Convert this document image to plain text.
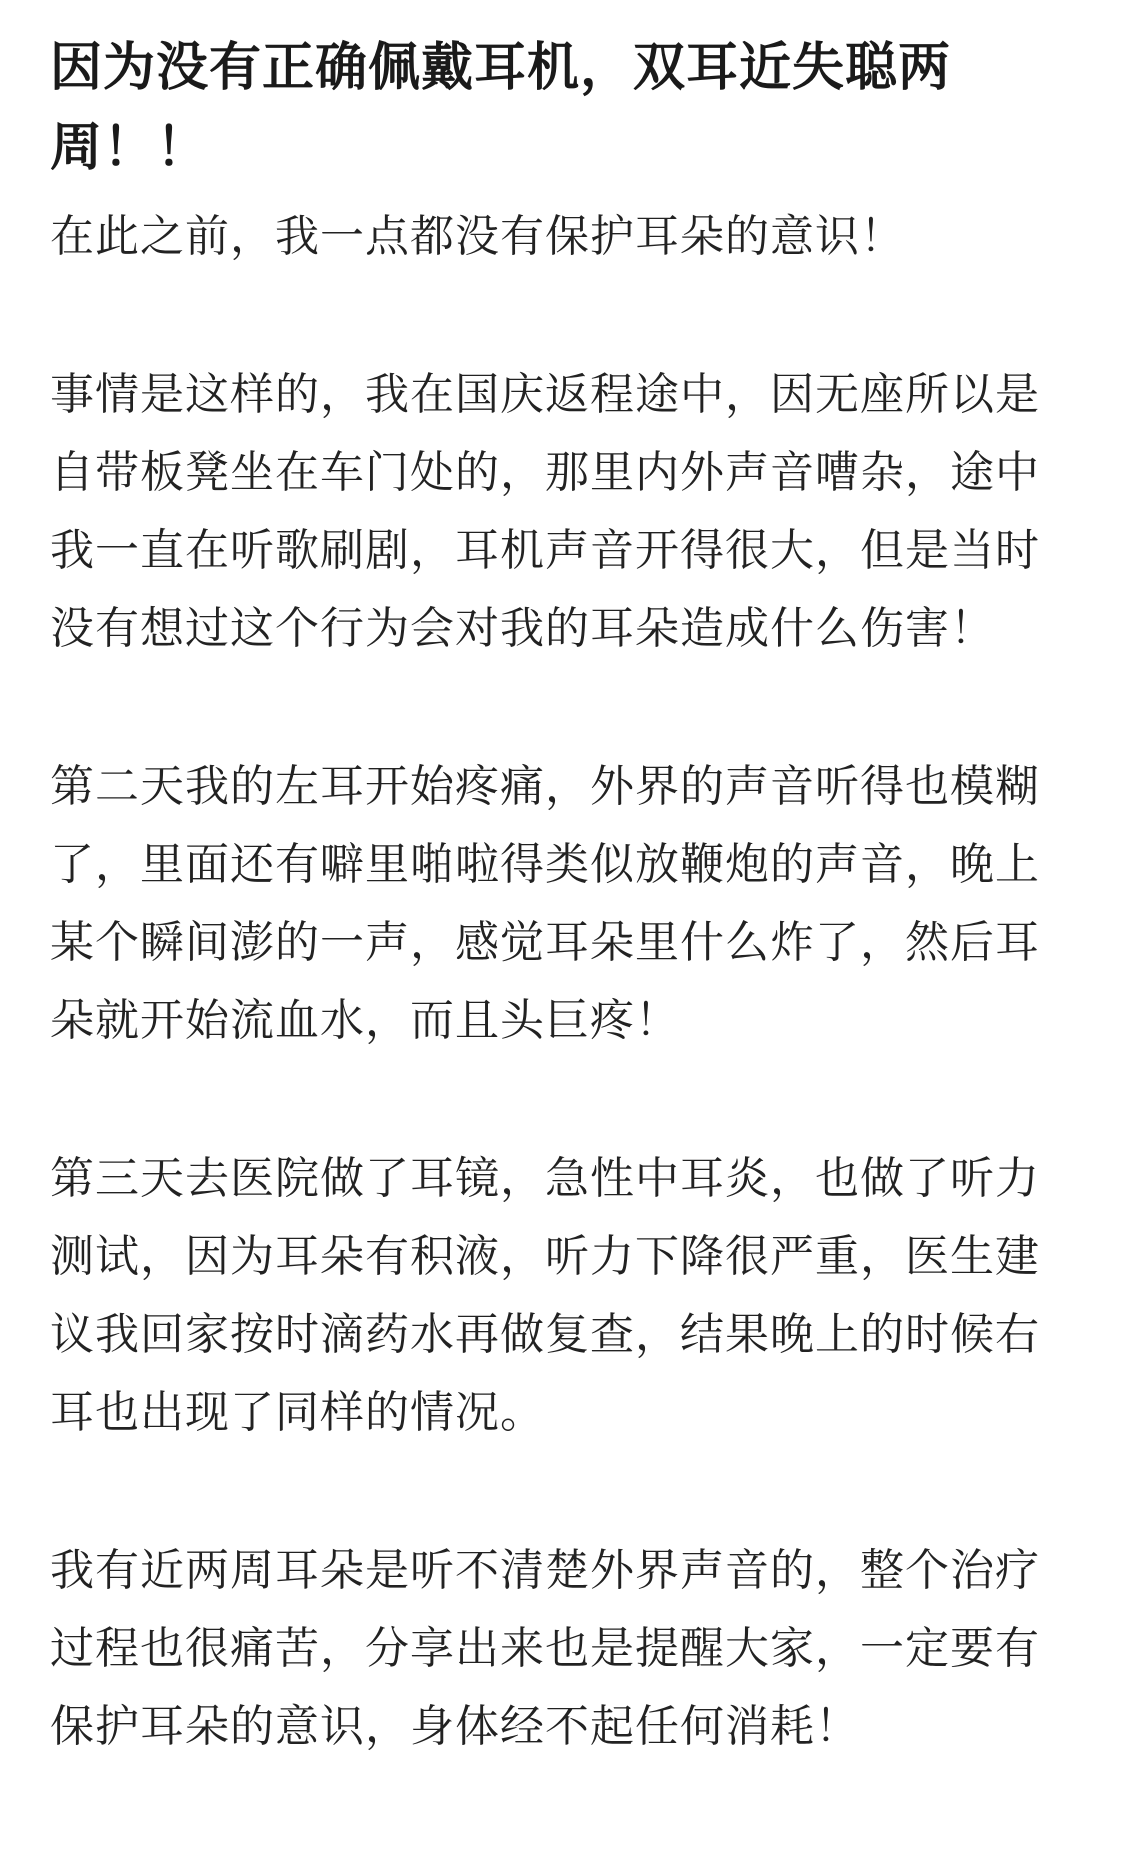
因为没有正确佩戴耳机，双耳近失聪两周！！

在此之前，我一点都没有保护耳朵的意识！

事情是这样的，我在国庆返程途中，因无座所以是自带板凳坐在车门处的，那里内外声音嘈杂，途中我一直在听歌刷剧，耳机声音开得很大，但是当时没有想过这个行为会对我的耳朵造成什么伤害！

第二天我的左耳开始疼痛，外界的声音听得也模糊了，里面还有噼里啪啦得类似放鞭炮的声音，晚上某个瞬间澎的一声，感觉耳朵里什么炸了，然后耳朵就开始流血水，而且头巨疼！

第三天去医院做了耳镜，急性中耳炎，也做了听力测试，因为耳朵有积液，听力下降很严重，医生建议我回家按时滴药水再做复查，结果晚上的时候右耳也出现了同样的情况。

我有近两周耳朵是听不清楚外界声音的，整个治疗过程也很痛苦，分享出来也是提醒大家，一定要有保护耳朵的意识，身体经不起任何消耗！
